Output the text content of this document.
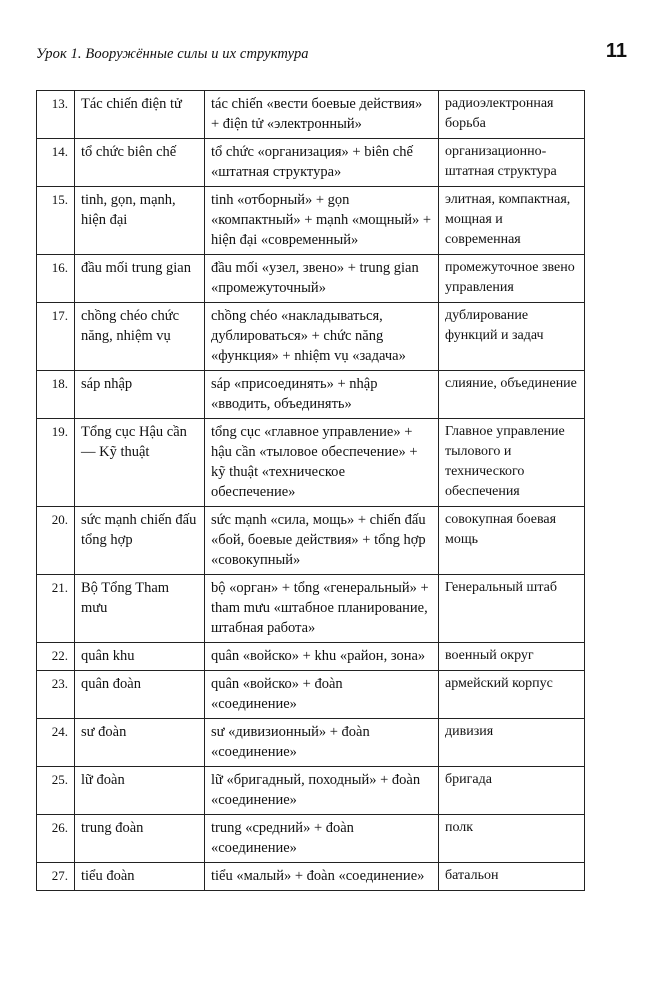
Урок 1. Вооружённые силы и их структура	11
13.	Tác chiến điện tử	tác chiến «вести боевые действия» + điện tử «электронный»	радиоэлектронная борьба
14.	tổ chức biên chế	tổ chức «организация» + biên chế «штатная структура»	организационно-штатная структура
15.	tinh, gọn, mạnh, hiện đại	tinh «отборный» + gọn «компактный» + mạnh «мощный» + hiện đại «современный»	элитная, компактная, мощная и современная
16.	đầu mối trung gian	đầu mối «узел, звено» + trung gian «промежуточный»	промежуточное звено управления
17.	chồng chéo chức năng, nhiệm vụ	chồng chéo «накладываться, дублироваться» + chức năng «функция» + nhiệm vụ «задача»	дублирование функций и задач
18.	sáp nhập	sáp «присоединять» + nhập «вводить, объединять»	слияние, объединение
19.	Tổng cục Hậu cần — Kỹ thuật	tổng cục «главное управление» + hậu cần «тыловое обеспечение» + kỹ thuật «техническое обеспечение»	Главное управление тылового и технического обеспечения
20.	sức mạnh chiến đấu tổng hợp	sức mạnh «сила, мощь» + chiến đấu «бой, боевые действия» + tổng hợp «совокупный»	совокупная боевая мощь
21.	Bộ Tổng Tham mưu	bộ «орган» + tổng «генеральный» + tham mưu «штабное планирование, штабная работа»	Генеральный штаб
22.	quân khu	quân «войско» + khu «район, зона»	военный округ
23.	quân đoàn	quân «войско» + đoàn «соединение»	армейский корпус
24.	sư đoàn	sư «дивизионный» + đoàn «соединение»	дивизия
25.	lữ đoàn	lữ «бригадный, походный» + đoàn «соединение»	бригада
26.	trung đoàn	trung «средний» + đoàn «соединение»	полк
27.	tiểu đoàn	tiểu «малый» + đoàn «соединение»	батальон
